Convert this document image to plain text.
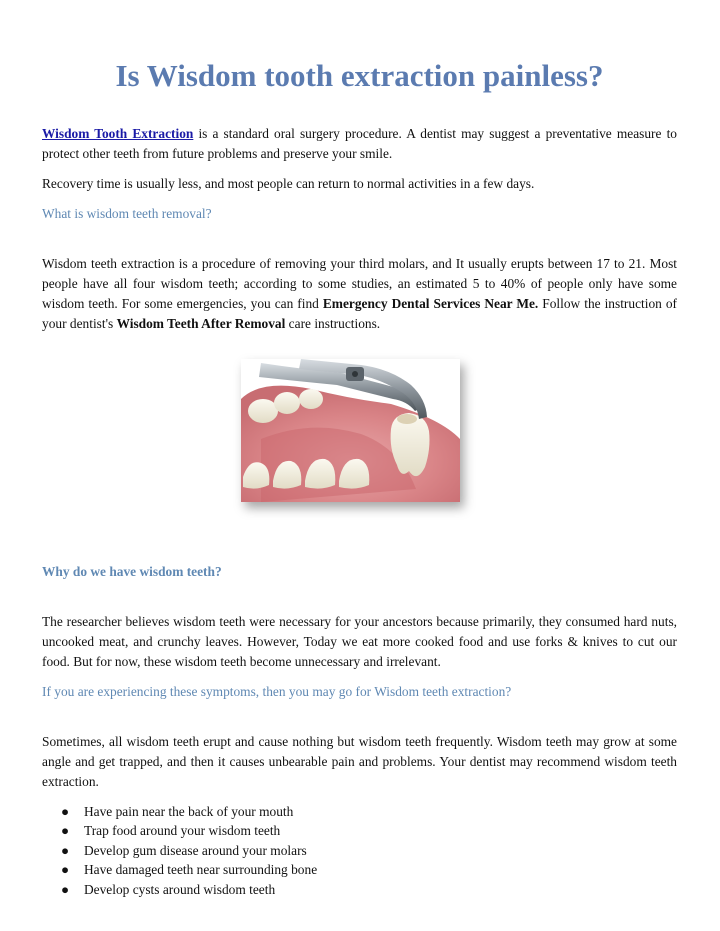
Is Wisdom tooth extraction painless?

Wisdom Tooth Extraction is a standard oral surgery procedure. A dentist may suggest a preventative measure to protect other teeth from future problems and preserve your smile.

Recovery time is usually less, and most people can return to normal activities in a few days.

What is wisdom teeth removal?

Wisdom teeth extraction is a procedure of removing your third molars, and It usually erupts between 17 to 21. Most people have all four wisdom teeth; according to some studies, an estimated 5 to 40% of people only have some wisdom teeth. For some emergencies, you can find Emergency Dental Services Near Me. Follow the instruction of your dentist's Wisdom Teeth After Removal care instructions.

Why do we have wisdom teeth?

The researcher believes wisdom teeth were necessary for your ancestors because primarily, they consumed hard nuts, uncooked meat, and crunchy leaves. However, Today we eat more cooked food and use forks & knives to cut our food. But for now, these wisdom teeth become unnecessary and irrelevant.

If you are experiencing these symptoms, then you may go for Wisdom teeth extraction?

Sometimes, all wisdom teeth erupt and cause nothing but wisdom teeth frequently. Wisdom teeth may grow at some angle and get trapped, and then it causes unbearable pain and problems. Your dentist may recommend wisdom teeth extraction.

● Have pain near the back of your mouth
● Trap food around your wisdom teeth
● Develop gum disease around your molars
● Have damaged teeth near surrounding bone
● Develop cysts around wisdom teeth
